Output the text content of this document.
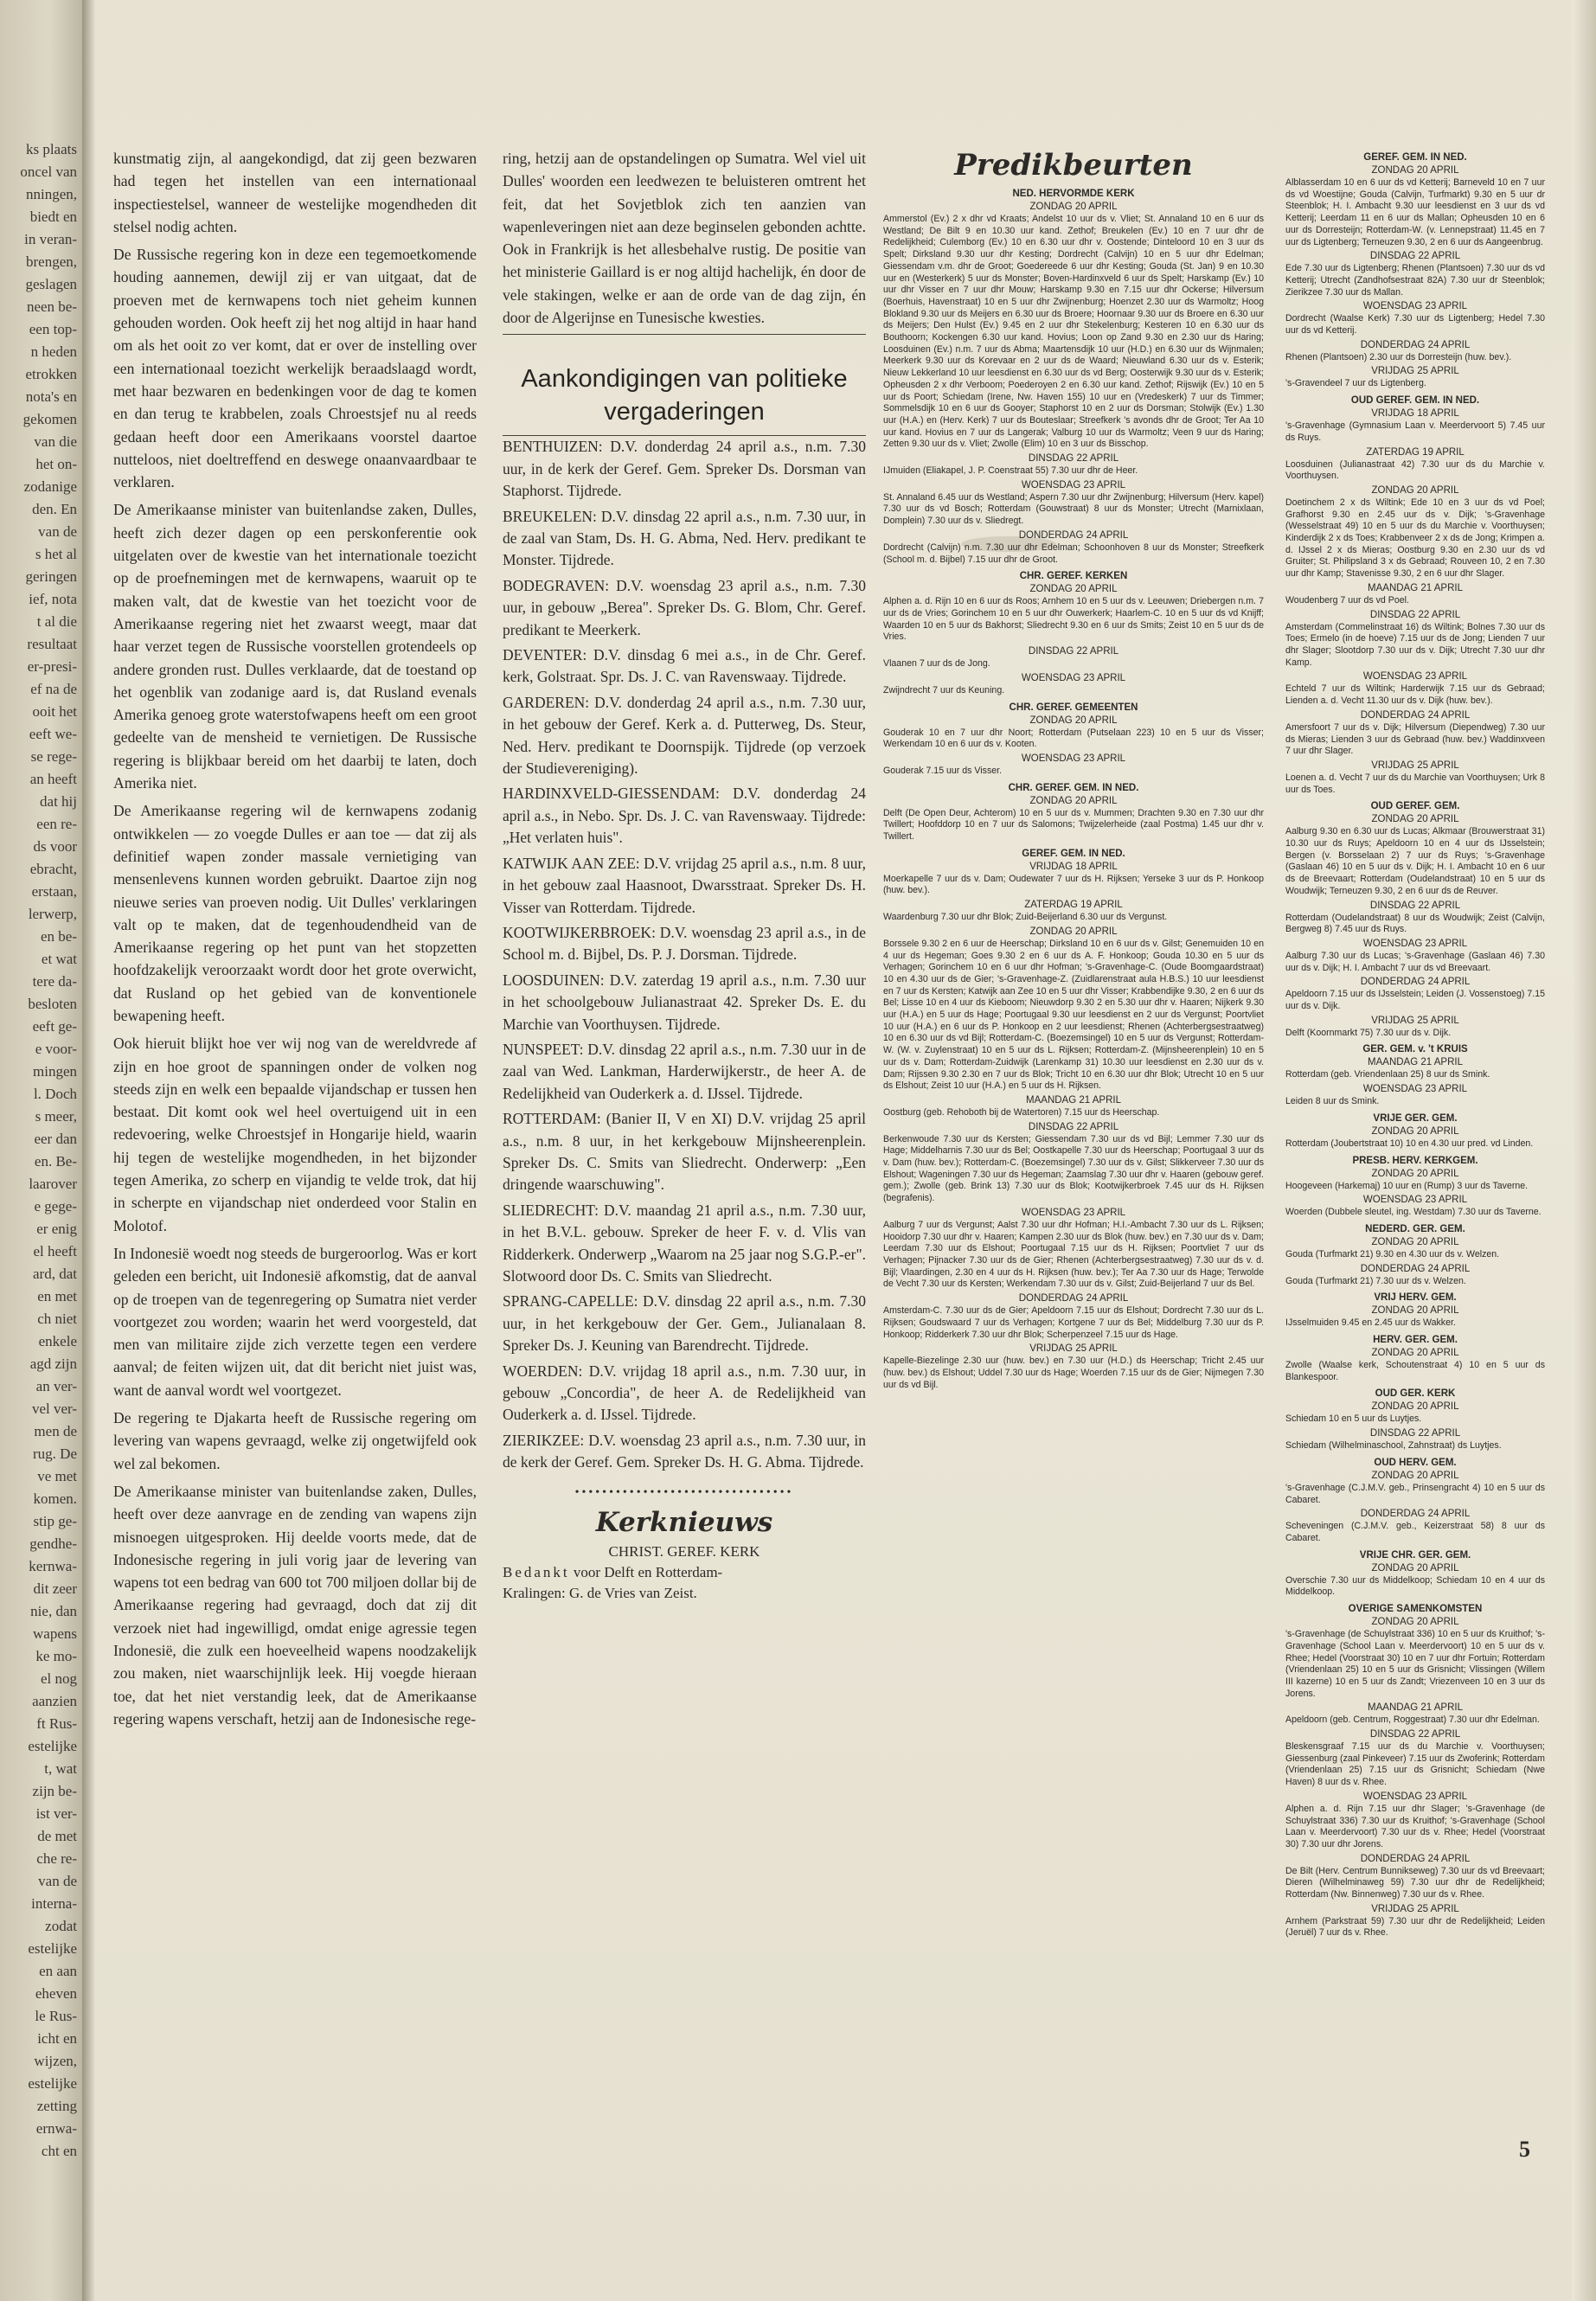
ks plaats
oncel van
nningen,
biedt en
in veran-
brengen,
geslagen
neen be-
een top-
n heden
etrokken
nota's en
gekomen
van die
het on-
zodanige
den. En
van de
s het al
geringen
ief, nota
t al die
resultaat
er-presi-
ef na de
ooit het
eeft we-
se rege-
an heeft
dat hij
een re-
ds voor
ebracht,
erstaan,
lerwerp,
en be-
et wat
tere da-
besloten
eeft ge-
e voor-
mingen
l. Doch
s meer,
eer dan
en. Be-
laarover
e gege-
er enig
el heeft
ard, dat
en met
ch niet
enkele
agd zijn
an ver-
vel ver-
men de
rug. De
ve met
komen.
stip ge-
gendhe-
kernwa-
dit zeer
nie, dan
wapens
ke mo-
el nog
aanzien
ft Rus-
estelijke
t, wat
zijn be-
ist ver-
de met
che re-
van de
interna-
zodat
estelijke
en aan
eheven
le Rus-
icht en
wijzen,
estelijke
zetting
ernwa-
cht en

kunstmatig zijn, al aangekondigd, dat zij geen bezwaren had tegen het instellen van een internationaal inspectiestelsel, wanneer de westelijke mogendheden dit stelsel nodig achten.

De Russische regering kon in deze een tegemoetkomende houding aannemen, dewijl zij er van uitgaat, dat de proeven met de kernwapens toch niet geheim kunnen gehouden worden. Ook heeft zij het nog altijd in haar hand om als het ooit zo ver komt, dat er over de instelling over een internationaal toezicht werkelijk beraadslaagd wordt, met haar bezwaren en bedenkingen voor de dag te komen en dan terug te krabbelen, zoals Chroestsjef nu al reeds gedaan heeft door een Amerikaans voorstel daartoe nutteloos, niet doeltreffend en deswege onaanvaardbaar te verklaren.

De Amerikaanse minister van buitenlandse zaken, Dulles, heeft zich dezer dagen op een perskonferentie ook uitgelaten over de kwestie van het internationale toezicht op de proefnemingen met de kernwapens, waaruit op te maken valt, dat de kwestie van het toezicht voor de Amerikaanse regering niet het zwaarst weegt, maar dat haar verzet tegen de Russische voorstellen grotendeels op andere gronden rust. Dulles verklaarde, dat de toestand op het ogenblik van zodanige aard is, dat Rusland evenals Amerika genoeg grote waterstofwapens heeft om een groot gedeelte van de mensheid te vernietigen. De Russische regering is blijkbaar bereid om het daarbij te laten, doch Amerika niet.

De Amerikaanse regering wil de kernwapens zodanig ontwikkelen — zo voegde Dulles er aan toe — dat zij als definitief wapen zonder massale vernietiging van mensenlevens kunnen worden gebruikt. Daartoe zijn nog nieuwe series van proeven nodig. Uit Dulles' verklaringen valt op te maken, dat de tegenhoudendheid van de Amerikaanse regering op het punt van het stopzetten hoofdzakelijk veroorzaakt wordt door het grote overwicht, dat Rusland op het gebied van de konventionele bewapening heeft.

Ook hieruit blijkt hoe ver wij nog van de wereldvrede af zijn en hoe groot de spanningen onder de volken nog steeds zijn en welk een bepaalde vijandschap er tussen hen bestaat. Dit komt ook wel heel overtuigend uit in een redevoering, welke Chroestsjef in Hongarije hield, waarin hij tegen de westelijke mogendheden, in het bijzonder tegen Amerika, zo scherp en vijandig te velde trok, dat hij in scherpte en vijandschap niet onderdeed voor Stalin en Molotof.

In Indonesië woedt nog steeds de burgeroorlog. Was er kort geleden een bericht, uit Indonesië afkomstig, dat de aanval op de troepen van de tegenregering op Sumatra niet verder voortgezet zou worden; waarin het werd voorgesteld, dat men van militaire zijde zich verzette tegen een verdere aanval; de feiten wijzen uit, dat dit bericht niet juist was, want de aanval wordt wel voortgezet.

De regering te Djakarta heeft de Russische regering om levering van wapens gevraagd, welke zij ongetwijfeld ook wel zal bekomen.

De Amerikaanse minister van buitenlandse zaken, Dulles, heeft over deze aanvrage en de zending van wapens zijn misnoegen uitgesproken. Hij deelde voorts mede, dat de Indonesische regering in juli vorig jaar de levering van wapens tot een bedrag van 600 tot 700 miljoen dollar bij de Amerikaanse regering had gevraagd, doch dat zij dit verzoek niet had ingewilligd, omdat enige agressie tegen Indonesië, die zulk een hoeveelheid wapens noodzakelijk zou maken, niet waarschijnlijk leek. Hij voegde hieraan toe, dat het niet verstandig leek, dat de Amerikaanse regering wapens verschaft, hetzij aan de Indonesische rege-

ring, hetzij aan de opstandelingen op Sumatra. Wel viel uit Dulles' woorden een leedwezen te beluisteren omtrent het feit, dat het Sovjetblok zich ten aanzien van wapenleveringen niet aan deze beginselen gebonden achtte. Ook in Frankrijk is het allesbehalve rustig. De positie van het ministerie Gaillard is er nog altijd hachelijk, én door de vele stakingen, welke er aan de orde van de dag zijn, én door de Algerijnse en Tunesische kwesties.

Aankondigingen van politieke vergaderingen

BENTHUIZEN: D.V. donderdag 24 april a.s., n.m. 7.30 uur, in de kerk der Geref. Gem. Spreker Ds. Dorsman van Staphorst. Tijdrede.

BREUKELEN: D.V. dinsdag 22 april a.s., n.m. 7.30 uur, in de zaal van Stam, Ds. H. G. Abma, Ned. Herv. predikant te Monster. Tijdrede.

BODEGRAVEN: D.V. woensdag 23 april a.s., n.m. 7.30 uur, in gebouw „Berea". Spreker Ds. G. Blom, Chr. Geref. predikant te Meerkerk.

DEVENTER: D.V. dinsdag 6 mei a.s., in de Chr. Geref. kerk, Golstraat. Spr. Ds. J. C. van Ravenswaay. Tijdrede.

GARDEREN: D.V. donderdag 24 april a.s., n.m. 7.30 uur, in het gebouw der Geref. Kerk a. d. Putterweg, Ds. Steur, Ned. Herv. predikant te Doornspijk. Tijdrede (op verzoek der Studievereniging).

HARDINXVELD-GIESSENDAM: D.V. donderdag 24 april a.s., in Nebo. Spr. Ds. J. C. van Ravenswaay. Tijdrede: „Het verlaten huis".

KATWIJK AAN ZEE: D.V. vrijdag 25 april a.s., n.m. 8 uur, in het gebouw zaal Haasnoot, Dwarsstraat. Spreker Ds. H. Visser van Rotterdam. Tijdrede.

KOOTWIJKERBROEK: D.V. woensdag 23 april a.s., in de School m. d. Bijbel, Ds. P. J. Dorsman. Tijdrede.

LOOSDUINEN: D.V. zaterdag 19 april a.s., n.m. 7.30 uur in het schoolgebouw Julianastraat 42. Spreker Ds. E. du Marchie van Voorthuysen. Tijdrede.

NUNSPEET: D.V. dinsdag 22 april a.s., n.m. 7.30 uur in de zaal van Wed. Lankman, Harderwijkerstr., de heer A. de Redelijkheid van Ouderkerk a. d. IJssel. Tijdrede.

ROTTERDAM: (Banier II, V en XI) D.V. vrijdag 25 april a.s., n.m. 8 uur, in het kerkgebouw Mijnsheerenplein. Spreker Ds. C. Smits van Sliedrecht. Onderwerp: „Een dringende waarschuwing".

SLIEDRECHT: D.V. maandag 21 april a.s., n.m. 7.30 uur, in het B.V.L. gebouw. Spreker de heer F. v. d. Vlis van Ridderkerk. Onderwerp „Waarom na 25 jaar nog S.G.P.-er". Slotwoord door Ds. C. Smits van Sliedrecht.

SPRANG-CAPELLE: D.V. dinsdag 22 april a.s., n.m. 7.30 uur, in het kerkgebouw der Ger. Gem., Julianalaan 8. Spreker Ds. J. Keuning van Barendrecht. Tijdrede.

WOERDEN: D.V. vrijdag 18 april a.s., n.m. 7.30 uur, in gebouw „Concordia", de heer A. de Redelijkheid van Ouderkerk a. d. IJssel. Tijdrede.

ZIERIKZEE: D.V. woensdag 23 april a.s., n.m. 7.30 uur, in de kerk der Geref. Gem. Spreker Ds. H. G. Abma. Tijdrede.

••••••••••••••••••••••••••••••••
Kerknieuws
CHRIST. GEREF. KERK
Bedankt voor Delft en Rotterdam-
Kralingen: G. de Vries van Zeist.
Predikbeurten
NED. HERVORMDE KERK
ZONDAG 20 APRIL
Ammerstol (Ev.) 2 x dhr vd Kraats; Andelst 10 uur ds v. Vliet; St. Annaland 10 en 6 uur ds Westland; De Bilt 9 en 10.30 uur kand. Zethof; Breukelen (Ev.) 10 en 7 uur dhr de Redelijkheid; Culemborg (Ev.) 10 en 6.30 uur dhr v. Oostende; Dinteloord 10 en 3 uur ds Spelt; Dirksland 9.30 uur dhr Kesting; Dordrecht (Calvijn) 10 en 5 uur dhr Edelman; Giessendam v.m. dhr de Groot; Goedereede 6 uur dhr Kesting; Gouda (St. Jan) 9 en 10.30 uur en (Westerkerk) 5 uur ds Monster; Boven-Hardinxveld 6 uur ds Spelt; Harskamp (Ev.) 10 uur dhr Visser en 7 uur dhr Mouw; Harskamp 9.30 en 7.15 uur dhr Ockerse; Hilversum (Boerhuis, Havenstraat) 10 en 5 uur dhr Zwijnenburg; Hoenzet 2.30 uur ds Warmoltz; Hoog Blokland 9.30 uur ds Meijers en 6.30 uur ds Broere; Hoornaar 9.30 uur ds Broere en 6.30 uur ds Meijers; Den Hulst (Ev.) 9.45 en 2 uur dhr Stekelenburg; Kesteren 10 en 6.30 uur ds Bouthoorn; Kockengen 6.30 uur kand. Hovius; Loon op Zand 9.30 en 2.30 uur ds Haring; Loosduinen (Ev.) n.m. 7 uur ds Abma; Maartensdijk 10 uur (H.D.) en 6.30 uur ds Wijnmalen; Meerkerk 9.30 uur ds Korevaar en 2 uur ds de Waard; Nieuwland 6.30 uur ds v. Esterik; Nieuw Lekkerland 10 uur leesdienst en 6.30 uur ds vd Berg; Oosterwijk 9.30 uur ds v. Esterik; Opheusden 2 x dhr Verboom; Poederoyen 2 en 6.30 uur kand. Zethof; Rijswijk (Ev.) 10 en 5 uur ds Poort; Schiedam (Irene, Nw. Haven 155) 10 uur en (Vredeskerk) 7 uur ds Timmer; Sommelsdijk 10 en 6 uur ds Gooyer; Staphorst 10 en 2 uur ds Dorsman; Stolwijk (Ev.) 1.30 uur (H.A.) en (Herv. Kerk) 7 uur ds Bouteslaar; Streefkerk 's avonds dhr de Groot; Ter Aa 10 uur kand. Hovius en 7 uur ds Langerak; Valburg 10 uur ds Warmoltz; Veen 9 uur ds Haring; Zetten 9.30 uur ds v. Vliet; Zwolle (Elim) 10 en 3 uur ds Bisschop.
DINSDAG 22 APRIL
IJmuiden (Eliakapel, J. P. Coenstraat 55) 7.30 uur dhr de Heer.
WOENSDAG 23 APRIL
St. Annaland 6.45 uur ds Westland; Aspern 7.30 uur dhr Zwijnenburg; Hilversum (Herv. kapel) 7.30 uur ds vd Bosch; Rotterdam (Gouwstraat) 8 uur ds Monster; Utrecht (Marnixlaan, Domplein) 7.30 uur ds v. Sliedregt.
DONDERDAG 24 APRIL
Dordrecht (Calvijn) n.m. 7.30 uur dhr Edelman; Schoonhoven 8 uur ds Monster; Streefkerk (School m. d. Bijbel) 7.15 uur dhr de Groot.
CHR. GEREF. KERKEN
ZONDAG 20 APRIL
Alphen a. d. Rijn 10 en 6 uur ds Roos; Arnhem 10 en 5 uur ds v. Leeuwen; Driebergen n.m. 7 uur ds de Vries; Gorinchem 10 en 5 uur dhr Ouwerkerk; Haarlem-C. 10 en 5 uur ds vd Knijff; Waarden 10 en 5 uur ds Bakhorst; Sliedrecht 9.30 en 6 uur ds Smits; Zeist 10 en 5 uur ds de Vries.
DINSDAG 22 APRIL
Vlaanen 7 uur ds de Jong.
WOENSDAG 23 APRIL
Zwijndrecht 7 uur ds Keuning.
CHR. GEREF. GEMEENTEN
ZONDAG 20 APRIL
Gouderak 10 en 7 uur dhr Noort; Rotterdam (Putselaan 223) 10 en 5 uur ds Visser; Werkendam 10 en 6 uur ds v. Kooten.
WOENSDAG 23 APRIL
Gouderak 7.15 uur ds Visser.
CHR. GEREF. GEM. IN NED.
ZONDAG 20 APRIL
Delft (De Open Deur, Achterom) 10 en 5 uur ds v. Mummen; Drachten 9.30 en 7.30 uur dhr Twillert; Hoofddorp 10 en 7 uur ds Salomons; Twijzelerheide (zaal Postma) 1.45 uur dhr v. Twillert.
GEREF. GEM. IN NED.
VRIJDAG 18 APRIL
Moerkapelle 7 uur ds v. Dam; Oudewater 7 uur ds H. Rijksen; Yerseke 3 uur ds P. Honkoop (huw. bev.).
ZATERDAG 19 APRIL
Waardenburg 7.30 uur dhr Blok; Zuid-Beijerland 6.30 uur ds Vergunst.
ZONDAG 20 APRIL
Borssele 9.30 2 en 6 uur de Heerschap; Dirksland 10 en 6 uur ds v. Gilst; Genemuiden 10 en 4 uur ds Hegeman; Goes 9.30 2 en 6 uur ds A. F. Honkoop; Gouda 10.30 en 5 uur ds Verhagen; Gorinchem 10 en 6 uur dhr Hofman; 's-Gravenhage-C. (Oude Boomgaardstraat) 10 en 4.30 uur ds de Gier; 's-Gravenhage-Z. (Zuidlarenstraat aula H.B.S.) 10 uur leesdienst en 7 uur ds Kersten; Katwijk aan Zee 10 en 5 uur dhr Visser; Krabbendijke 9.30, 2 en 6 uur ds Bel; Lisse 10 en 4 uur ds Kieboom; Nieuwdorp 9.30 2 en 5.30 uur dhr v. Haaren; Nijkerk 9.30 uur (H.A.) en 5 uur ds Hage; Poortugaal 9.30 uur leesdienst en 2 uur ds Vergunst; Poortvliet 10 uur (H.A.) en 6 uur ds P. Honkoop en 2 uur leesdienst; Rhenen (Achterbergsestraatweg) 10 en 6.30 uur ds vd Bijl; Rotterdam-C. (Boezemsingel) 10 en 5 uur ds Vergunst; Rotterdam-W. (W. v. Zuylenstraat) 10 en 5 uur ds L. Rijksen; Rotterdam-Z. (Mijnsheerenplein) 10 en 5 uur ds v. Dam; Rotterdam-Zuidwijk (Larenkamp 31) 10.30 uur leesdienst en 2.30 uur ds v. Dam; Rijssen 9.30 2.30 en 7 uur ds Blok; Tricht 10 en 6.30 uur dhr Blok; Utrecht 10 en 5 uur ds Elshout; Zeist 10 uur (H.A.) en 5 uur ds H. Rijksen.
MAANDAG 21 APRIL
Oostburg (geb. Rehoboth bij de Watertoren) 7.15 uur ds Heerschap.
DINSDAG 22 APRIL
Berkenwoude 7.30 uur ds Kersten; Giessendam 7.30 uur ds vd Bijl; Lemmer 7.30 uur ds Hage; Middelharnis 7.30 uur ds Bel; Oostkapelle 7.30 uur ds Heerschap; Poortugaal 3 uur ds v. Dam (huw. bev.); Rotterdam-C. (Boezemsingel) 7.30 uur ds v. Gilst; Slikkerveer 7.30 uur ds Elshout; Wageningen 7.30 uur ds Hegeman; Zaamslag 7.30 uur dhr v. Haaren (gebouw geref. gem.); Zwolle (geb. Brink 13) 7.30 uur ds Blok; Kootwijkerbroek 7.45 uur ds H. Rijksen (begrafenis).
WOENSDAG 23 APRIL
Aalburg 7 uur ds Vergunst; Aalst 7.30 uur dhr Hofman; H.I.-Ambacht 7.30 uur ds L. Rijksen; Hooidorp 7.30 uur dhr v. Haaren; Kampen 2.30 uur ds Blok (huw. bev.) en 7.30 uur ds v. Dam; Leerdam 7.30 uur ds Elshout; Poortugaal 7.15 uur ds H. Rijksen; Poortvliet 7 uur ds Verhagen; Pijnacker 7.30 uur ds de Gier; Rhenen (Achterbergsestraatweg) 7.30 uur ds v. d. Bijl; Vlaardingen, 2.30 en 4 uur ds H. Rijksen (huw. bev.); Ter Aa 7.30 uur ds Hage; Terwolde de Vecht 7.30 uur ds Kersten; Werkendam 7.30 uur ds v. Gilst; Zuid-Beijerland 7 uur ds Bel.
DONDERDAG 24 APRIL
Amsterdam-C. 7.30 uur ds de Gier; Apeldoorn 7.15 uur ds Elshout; Dordrecht 7.30 uur ds L. Rijksen; Goudswaard 7 uur ds Verhagen; Kortgene 7 uur ds Bel; Middelburg 7.30 uur ds P. Honkoop; Ridderkerk 7.30 uur dhr Blok; Scherpenzeel 7.15 uur ds Hage.
VRIJDAG 25 APRIL
Kapelle-Biezelinge 2.30 uur (huw. bev.) en 7.30 uur (H.D.) ds Heerschap; Tricht 2.45 uur (huw. bev.) ds Elshout; Uddel 7.30 uur ds Hage; Woerden 7.15 uur ds de Gier; Nijmegen 7.30 uur ds vd Bijl.
GEREF. GEM. IN NED.
ZONDAG 20 APRIL
Alblasserdam 10 en 6 uur ds vd Ketterij; Barneveld 10 en 7 uur ds vd Woestijne; Gouda (Calvijn, Turfmarkt) 9.30 en 5 uur dr Steenblok; H. I. Ambacht 9.30 uur leesdienst en 3 uur ds vd Ketterij; Leerdam 11 en 6 uur ds Mallan; Opheusden 10 en 6 uur ds Dorresteijn; Rotterdam-W. (v. Lennepstraat) 11.45 en 7 uur ds Ligtenberg; Terneuzen 9.30, 2 en 6 uur ds Aangeenbrug.
DINSDAG 22 APRIL
Ede 7.30 uur ds Ligtenberg; Rhenen (Plantsoen) 7.30 uur ds vd Ketterij; Utrecht (Zandhofsestraat 82A) 7.30 uur dr Steenblok; Zierikzee 7.30 uur ds Mallan.
WOENSDAG 23 APRIL
Dordrecht (Waalse Kerk) 7.30 uur ds Ligtenberg; Hedel 7.30 uur ds vd Ketterij.
DONDERDAG 24 APRIL
Rhenen (Plantsoen) 2.30 uur ds Dorresteijn (huw. bev.).
VRIJDAG 25 APRIL
's-Gravendeel 7 uur ds Ligtenberg.
OUD GEREF. GEM. IN NED.
VRIJDAG 18 APRIL
's-Gravenhage (Gymnasium Laan v. Meerdervoort 5) 7.45 uur ds Ruys.
ZATERDAG 19 APRIL
Loosduinen (Julianastraat 42) 7.30 uur ds du Marchie v. Voorthuysen.
ZONDAG 20 APRIL
Doetinchem 2 x ds Wiltink; Ede 10 en 3 uur ds vd Poel; Grafhorst 9.30 en 2.45 uur ds v. Dijk; 's-Gravenhage (Wesselstraat 49) 10 en 5 uur ds du Marchie v. Voorthuysen; Kinderdijk 2 x ds Toes; Krabbenveer 2 x ds de Jong; Krimpen a. d. IJssel 2 x ds Mieras; Oostburg 9.30 en 2.30 uur ds vd Gruiter; St. Philipsland 3 x ds Gebraad; Rouveen 10, 2 en 7.30 uur dhr Kamp; Stavenisse 9.30, 2 en 6 uur dhr Slager.
MAANDAG 21 APRIL
Woudenberg 7 uur ds vd Poel.
DINSDAG 22 APRIL
Amsterdam (Commelinstraat 16) ds Wiltink; Bolnes 7.30 uur ds Toes; Ermelo (in de hoeve) 7.15 uur ds de Jong; Lienden 7 uur dhr Slager; Slootdorp 7.30 uur ds v. Dijk; Utrecht 7.30 uur dhr Kamp.
WOENSDAG 23 APRIL
Echteld 7 uur ds Wiltink; Harderwijk 7.15 uur ds Gebraad; Lienden a. d. Vecht 11.30 uur ds v. Dijk (huw. bev.).
DONDERDAG 24 APRIL
Amersfoort 7 uur ds v. Dijk; Hilversum (Diependweg) 7.30 uur ds Mieras; Lienden 3 uur ds Gebraad (huw. bev.) Waddinxveen 7 uur dhr Slager.
VRIJDAG 25 APRIL
Loenen a. d. Vecht 7 uur ds du Marchie van Voorthuysen; Urk 8 uur ds Toes.
OUD GEREF. GEM.
ZONDAG 20 APRIL
Aalburg 9.30 en 6.30 uur ds Lucas; Alkmaar (Brouwerstraat 31) 10.30 uur ds Ruys; Apeldoorn 10 en 4 uur ds IJsselstein; Bergen (v. Borsselaan 2) 7 uur ds Ruys; 's-Gravenhage (Gaslaan 46) 10 en 5 uur ds v. Dijk; H. I. Ambacht 10 en 6 uur ds de Breevaart; Rotterdam (Oudelandstraat) 10 en 5 uur ds Woudwijk; Terneuzen 9.30, 2 en 6 uur ds de Reuver.
DINSDAG 22 APRIL
Rotterdam (Oudelandstraat) 8 uur ds Woudwijk; Zeist (Calvijn, Bergweg 8) 7.45 uur ds Ruys.
WOENSDAG 23 APRIL
Aalburg 7.30 uur ds Lucas; 's-Gravenhage (Gaslaan 46) 7.30 uur ds v. Dijk; H. I. Ambacht 7 uur ds vd Breevaart.
DONDERDAG 24 APRIL
Apeldoorn 7.15 uur ds IJsselstein; Leiden (J. Vossenstoeg) 7.15 uur ds v. Dijk.
VRIJDAG 25 APRIL
Delft (Koornmarkt 75) 7.30 uur ds v. Dijk.
GER. GEM. v. 't KRUIS
MAANDAG 21 APRIL
Rotterdam (geb. Vriendenlaan 25) 8 uur ds Smink.
WOENSDAG 23 APRIL
Leiden 8 uur ds Smink.
VRIJE GER. GEM.
ZONDAG 20 APRIL
Rotterdam (Joubertstraat 10) 10 en 4.30 uur pred. vd Linden.
PRESB. HERV. KERKGEM.
ZONDAG 20 APRIL
Hoogeveen (Harkemaj) 10 uur en (Rump) 3 uur ds Taverne.
WOENSDAG 23 APRIL
Woerden (Dubbele sleutel, ing. Westdam) 7.30 uur ds Taverne.
NEDERD. GER. GEM.
ZONDAG 20 APRIL
Gouda (Turfmarkt 21) 9.30 en 4.30 uur ds v. Welzen.
DONDERDAG 24 APRIL
Gouda (Turfmarkt 21) 7.30 uur ds v. Welzen.
VRIJ HERV. GEM.
ZONDAG 20 APRIL
IJsselmuiden 9.45 en 2.45 uur ds Wakker.
HERV. GER. GEM.
ZONDAG 20 APRIL
Zwolle (Waalse kerk, Schoutenstraat 4) 10 en 5 uur ds Blankespoor.
OUD GER. KERK
ZONDAG 20 APRIL
Schiedam 10 en 5 uur ds Luytjes.
DINSDAG 22 APRIL
Schiedam (Wilhelminaschool, Zahnstraat) ds Luytjes.
OUD HERV. GEM.
ZONDAG 20 APRIL
's-Gravenhage (C.J.M.V. geb., Prinsengracht 4) 10 en 5 uur ds Cabaret.
DONDERDAG 24 APRIL
Scheveningen (C.J.M.V. geb., Keizerstraat 58) 8 uur ds Cabaret.
VRIJE CHR. GER. GEM.
ZONDAG 20 APRIL
Overschie 7.30 uur ds Middelkoop; Schiedam 10 en 4 uur ds Middelkoop.
OVERIGE SAMENKOMSTEN
ZONDAG 20 APRIL
's-Gravenhage (de Schuylstraat 336) 10 en 5 uur ds Kruithof; 's-Gravenhage (School Laan v. Meerdervoort) 10 en 5 uur ds v. Rhee; Hedel (Voorstraat 30) 10 en 7 uur dhr Fortuin; Rotterdam (Vriendenlaan 25) 10 en 5 uur ds Grisnicht; Vlissingen (Willem III kazerne) 10 en 5 uur ds Zandt; Vriezenveen 10 en 3 uur ds Jorens.
MAANDAG 21 APRIL
Apeldoorn (geb. Centrum, Roggestraat) 7.30 uur dhr Edelman.
DINSDAG 22 APRIL
Bleskensgraaf 7.15 uur ds du Marchie v. Voorthuysen; Giessenburg (zaal Pinkeveer) 7.15 uur ds Zwoferink; Rotterdam (Vriendenlaan 25) 7.15 uur ds Grisnicht; Schiedam (Nwe Haven) 8 uur ds v. Rhee.
WOENSDAG 23 APRIL
Alphen a. d. Rijn 7.15 uur dhr Slager; 's-Gravenhage (de Schuylstraat 336) 7.30 uur ds Kruithof; 's-Gravenhage (School Laan v. Meerdervoort) 7.30 uur ds v. Rhee; Hedel (Voorstraat 30) 7.30 uur dhr Jorens.
DONDERDAG 24 APRIL
De Bilt (Herv. Centrum Bunnikseweg) 7.30 uur ds vd Breevaart; Dieren (Wilhelminaweg 59) 7.30 uur dhr de Redelijkheid; Rotterdam (Nw. Binnenweg) 7.30 uur ds v. Rhee.
VRIJDAG 25 APRIL
Arnhem (Parkstraat 59) 7.30 uur dhr de Redelijkheid; Leiden (Jeruël) 7 uur ds v. Rhee.
5
